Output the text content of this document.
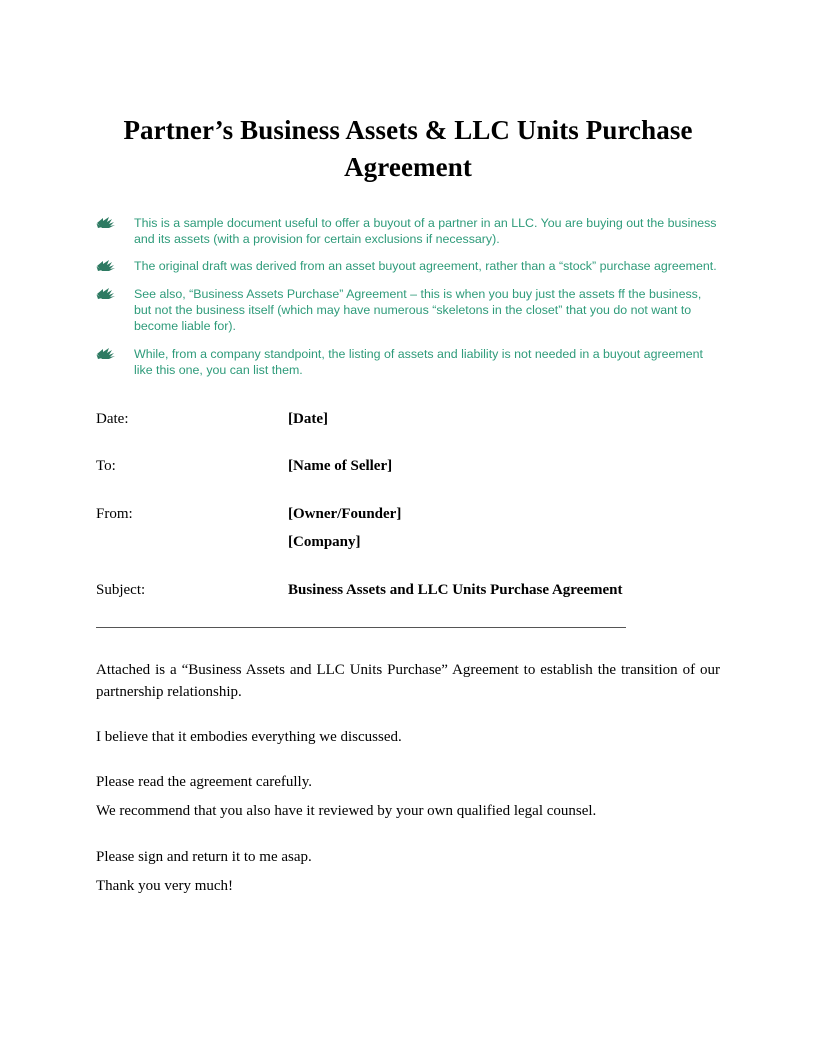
Partner’s Business Assets & LLC Units Purchase Agreement
This is a sample document useful to offer a buyout of a partner in an LLC. You are buying out the business and its assets (with a provision for certain exclusions if necessary).
The original draft was derived from an asset buyout agreement, rather than a “stock” purchase agreement.
See also, “Business Assets Purchase” Agreement – this is when you buy just the assets ff the business, but not the business itself (which may have numerous “skeletons in the closet” that you do not want to become liable for).
While, from a company standpoint, the listing of assets and liability is not needed in a buyout agreement like this one, you can list them.
Date:	[Date]
To:	[Name of Seller]
From:	[Owner/Founder]
[Company]
Subject:	Business Assets and LLC Units Purchase Agreement

Attached is a “Business Assets and LLC Units Purchase” Agreement to establish the transition of our partnership relationship.

I believe that it embodies everything we discussed.

Please read the agreement carefully.

We recommend that you also have it reviewed by your own qualified legal counsel.

Please sign and return it to me asap.

Thank you very much!
